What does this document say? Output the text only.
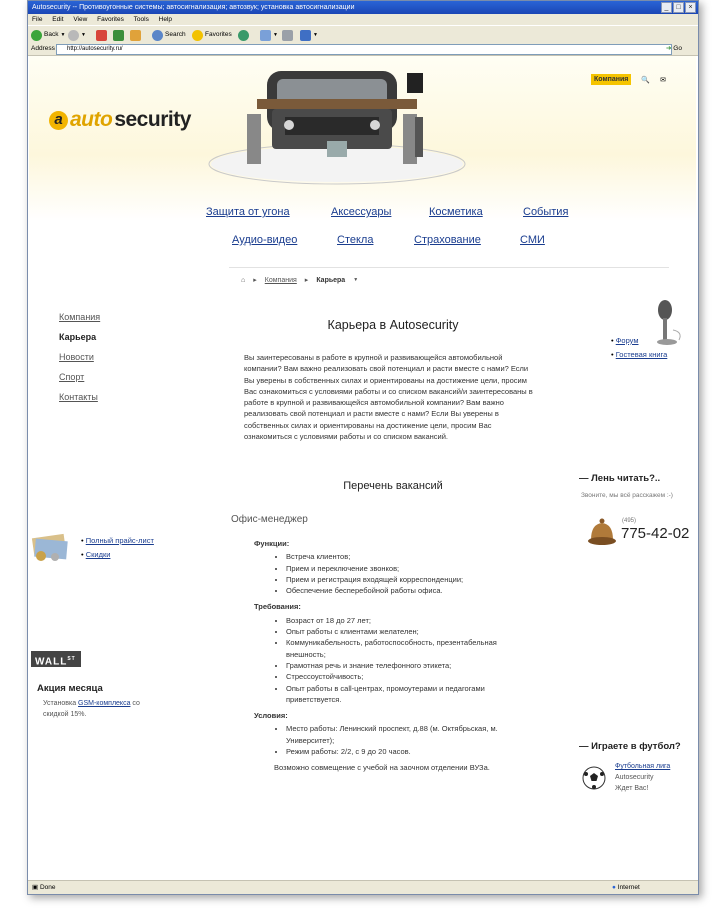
Autosecurity -- Противоугонные системы; автосигнализация; автозвук; установка автосигнализации	_	□	×
File Edit View Favorites Tools Help
Back ▼	▼	Search	Favorites	▼	▼
Address	http://autosecurity.ru/	➔ Go
a auto security
Компания	🔍 ✉
Защита от угона	Аксессуары	Косметика	События
Аудио-видео	Стекла	Страхование	СМИ
⌂ ▸ Компания ▸ Карьера ▼
Компания
Карьера
Новости
Спорт
Контакты
Карьера в Autosecurity
Вы заинтересованы в работе в крупной и развивающейся автомобильной компании? Вам важно реализовать свой потенциал и расти вместе с нами? Если Вы уверены в собственных силах и ориентированы на достижение цели, просим Вас ознакомиться с условиями работы и со списком вакансий/и заинтересованы в работе в крупной и развивающейся автомобильной компании? Вам важно реализовать свой потенциал и расти вместе с нами? Если Вы уверены в собственных силах и ориентированы на достижение цели, просим Вас ознакомиться с условиями работы и со списком вакансий.
Перечень вакансий
Офис-менеджер
Функции:
• Встреча клиентов;
• Прием и переключение звонков;
• Прием и регистрация входящей корреспонденции;
• Обеспечение бесперебойной работы офиса.
Требования:
• Возраст от 18 до 27 лет;
• Опыт работы с клиентами желателен;
• Коммуникабельность, работоспособность, презентабельная внешность;
• Грамотная речь и знание телефонного этикета;
• Стрессоустойчивость;
• Опыт работы в call-центрах, промоутерами и педагогами приветствуется.
Условия:
• Место работы: Ленинский проспект, д.88 (м. Октябрьская, м. Университет);
• Режим работы: 2/2, с 9 до 20 часов.
Возможно совмещение с учебой на заочном отделении ВУЗа.
• Форум
• Гостевая книга
— Лень читать?..
Звоните, мы всё расскажем :-)
(495)
775-42-02
• Полный прайс-лист
• Скидки
$WALL^{ST}$
Акция месяца
Установка GSM-комплекса со скидкой 15%.
— Играете в футбол?
Футбольная лига
Autosecurity
Ждет Вас!
▣ Done	● Internet
